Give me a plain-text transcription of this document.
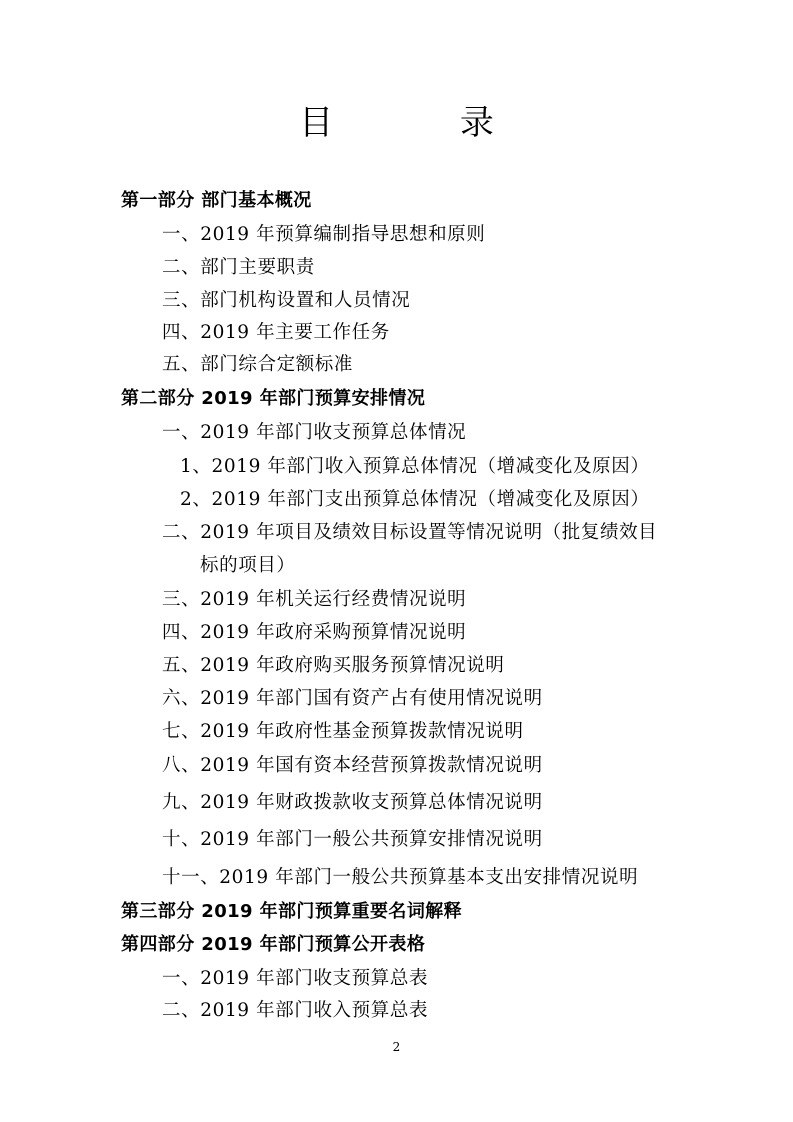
目 录
第一部分 部门基本概况
一、2019 年预算编制指导思想和原则
二、部门主要职责
三、部门机构设置和人员情况
四、2019 年主要工作任务
五、部门综合定额标准
第二部分 2019 年部门预算安排情况
一、2019 年部门收支预算总体情况
1、2019 年部门收入预算总体情况（增减变化及原因）
2、2019 年部门支出预算总体情况（增减变化及原因）
二、2019 年项目及绩效目标设置等情况说明（批复绩效目
标的项目）
三、2019 年机关运行经费情况说明
四、2019 年政府采购预算情况说明
五、2019 年政府购买服务预算情况说明
六、2019 年部门国有资产占有使用情况说明
七、2019 年政府性基金预算拨款情况说明
八、2019 年国有资本经营预算拨款情况说明
九、2019 年财政拨款收支预算总体情况说明
十、2019 年部门一般公共预算安排情况说明
十一、2019 年部门一般公共预算基本支出安排情况说明
第三部分 2019 年部门预算重要名词解释
第四部分 2019 年部门预算公开表格
一、2019 年部门收支预算总表
二、2019 年部门收入预算总表
2
